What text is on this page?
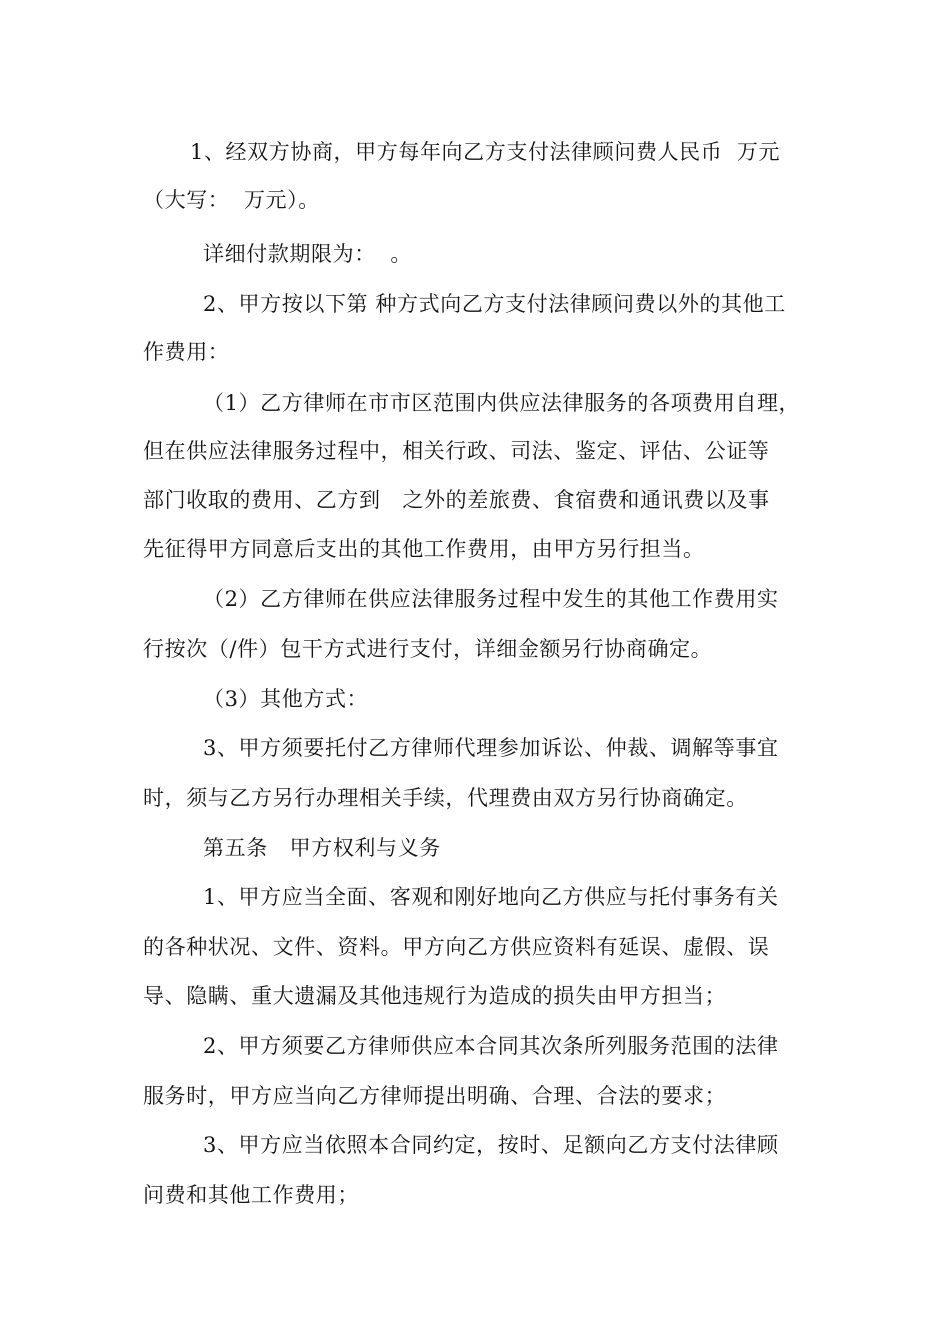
1、经双方协商，甲方每年向乙方支付法律顾问费人民币  万元
（大写：  万元）。
详细付款期限为：  。
2、甲方按以下第 种方式向乙方支付法律顾问费以外的其他工
作费用：
（1）乙方律师在市市区范围内供应法律服务的各项费用自理，
但在供应法律服务过程中，相关行政、司法、鉴定、评估、公证等
部门收取的费用、乙方到   之外的差旅费、食宿费和通讯费以及事
先征得甲方同意后支出的其他工作费用，由甲方另行担当。
（2）乙方律师在供应法律服务过程中发生的其他工作费用实
行按次（/件）包干方式进行支付，详细金额另行协商确定。
（3）其他方式：
3、甲方须要托付乙方律师代理参加诉讼、仲裁、调解等事宜
时，须与乙方另行办理相关手续，代理费由双方另行协商确定。
第五条   甲方权利与义务
1、甲方应当全面、客观和刚好地向乙方供应与托付事务有关
的各种状况、文件、资料。甲方向乙方供应资料有延误、虚假、误
导、隐瞒、重大遗漏及其他违规行为造成的损失由甲方担当；
2、甲方须要乙方律师供应本合同其次条所列服务范围的法律
服务时，甲方应当向乙方律师提出明确、合理、合法的要求；
3、甲方应当依照本合同约定，按时、足额向乙方支付法律顾
问费和其他工作费用；
